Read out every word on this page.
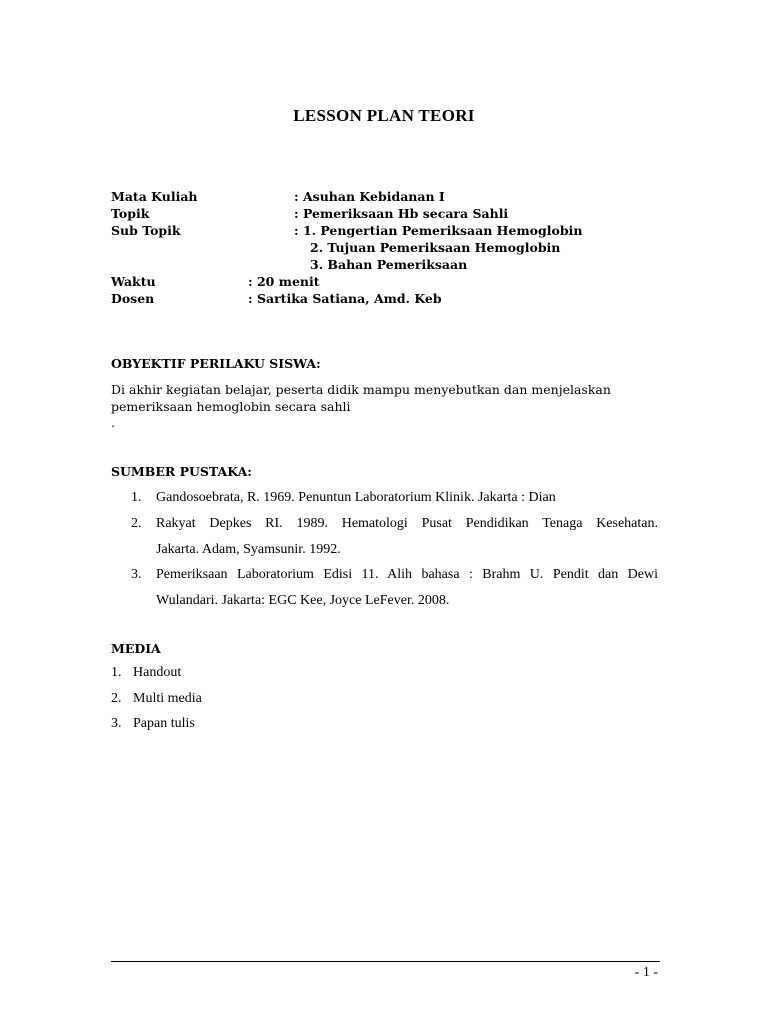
LESSON PLAN TEORI
Mata Kuliah	: Asuhan Kebidanan I
Topik	: Pemeriksaan Hb secara Sahli
Sub Topik	: 1. Pengertian Pemeriksaan Hemoglobin
2. Tujuan Pemeriksaan Hemoglobin
3. Bahan Pemeriksaan
Waktu	: 20 menit
Dosen	: Sartika Satiana, Amd. Keb
OBYEKTIF PERILAKU SISWA:
Di akhir kegiatan belajar, peserta didik mampu menyebutkan dan menjelaskan
pemeriksaan hemoglobin secara sahli
.
SUMBER PUSTAKA:
1. Gandosoebrata, R. 1969. Penuntun Laboratorium Klinik. Jakarta : Dian
2. Rakyat Depkes RI. 1989. Hematologi Pusat Pendidikan Tenaga Kesehatan.
Jakarta. Adam, Syamsunir. 1992.
3. Pemeriksaan Laboratorium Edisi 11. Alih bahasa : Brahm U. Pendit dan Dewi
Wulandari. Jakarta: EGC Kee, Joyce LeFever. 2008.
MEDIA
1. Handout
2. Multi media
3. Papan tulis
- 1 -
